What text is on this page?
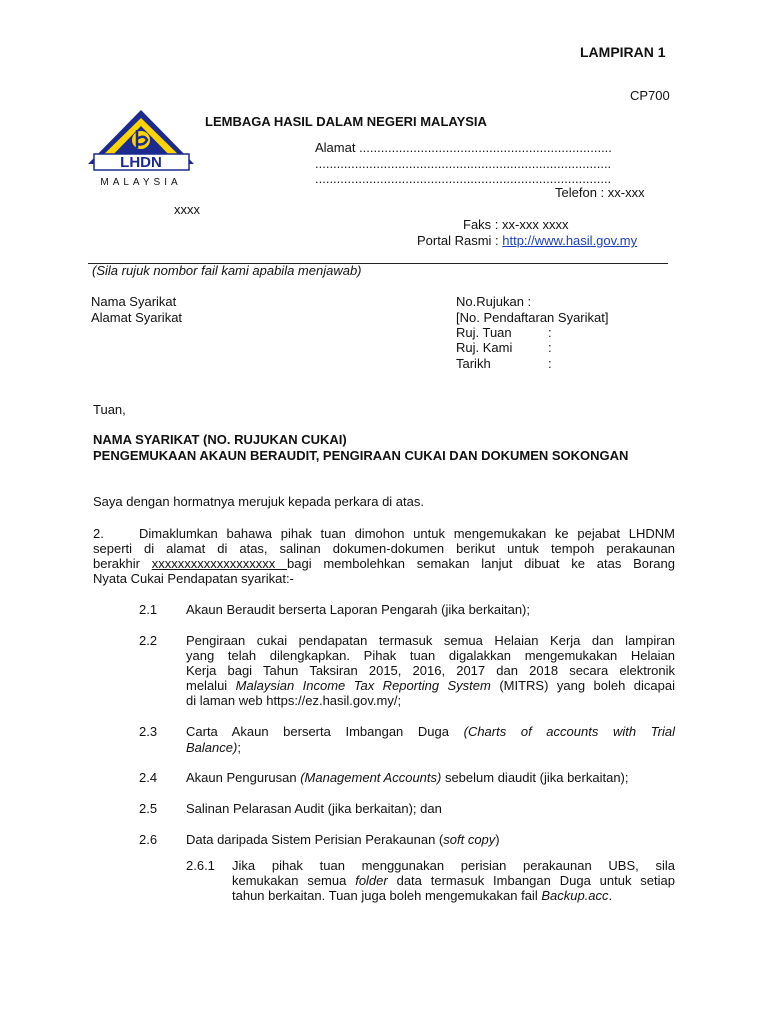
LAMPIRAN 1
CP700
LHDN
MALAYSIA
LEMBAGA HASIL DALAM NEGERI MALAYSIA
Alamat ......................................................................
..................................................................................
..................................................................................
Telefon : xx-xxx
xxxx
Faks : xx-xxx xxxx
Portal Rasmi : http://www.hasil.gov.my
(Sila rujuk nombor fail kami apabila menjawab)
Nama Syarikat
Alamat Syarikat
No.Rujukan :
[No. Pendaftaran Syarikat]
Ruj. Tuan	:
Ruj. Kami	:
Tarikh	:
Tuan,
NAMA SYARIKAT (NO. RUJUKAN CUKAI)
PENGEMUKAAN AKAUN BERAUDIT, PENGIRAAN CUKAI DAN DOKUMEN SOKONGAN
Saya dengan hormatnya merujuk kepada perkara di atas.
2.	Dimaklumkan bahawa pihak tuan dimohon untuk mengemukakan ke pejabat LHDNM
seperti di alamat di atas, salinan dokumen-dokumen berikut untuk tempoh perakaunan
berakhir xxxxxxxxxxxxxxxxxxx bagi membolehkan semakan lanjut dibuat ke atas Borang
Nyata Cukai Pendapatan syarikat:-
2.1 Akaun Beraudit berserta Laporan Pengarah (jika berkaitan);
2.2 Pengiraan cukai pendapatan termasuk semua Helaian Kerja dan lampiran
yang telah dilengkapkan. Pihak tuan digalakkan mengemukakan Helaian
Kerja bagi Tahun Taksiran 2015, 2016, 2017 dan 2018 secara elektronik
melalui Malaysian Income Tax Reporting System (MITRS) yang boleh dicapai
di laman web https://ez.hasil.gov.my/;
2.3 Carta Akaun berserta Imbangan Duga (Charts of accounts with Trial
Balance);
2.4 Akaun Pengurusan (Management Accounts) sebelum diaudit (jika berkaitan);
2.5 Salinan Pelarasan Audit (jika berkaitan); dan
2.6 Data daripada Sistem Perisian Perakaunan (soft copy)
2.6.1 Jika pihak tuan menggunakan perisian perakaunan UBS, sila
kemukakan semua folder data termasuk Imbangan Duga untuk setiap
tahun berkaitan. Tuan juga boleh mengemukakan fail Backup.acc.
